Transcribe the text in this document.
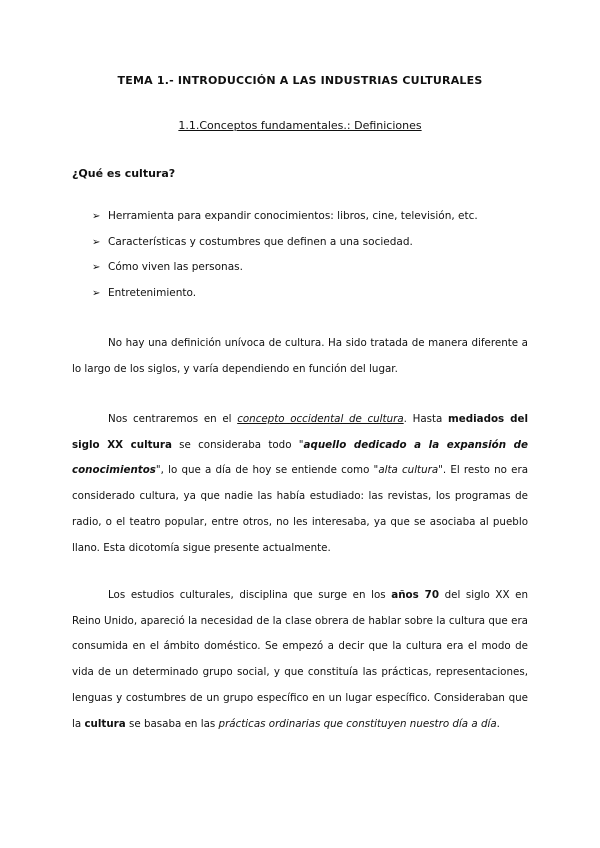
TEMA 1.- INTRODUCCIÓN A LAS INDUSTRIAS CULTURALES
1.1.Conceptos fundamentales.: Definiciones
¿Qué es cultura?
➢ Herramienta para expandir conocimientos: libros, cine, televisión, etc.
➢ Características y costumbres que definen a una sociedad.
➢ Cómo viven las personas.
➢ Entretenimiento.

No hay una definición unívoca de cultura. Ha sido tratada de manera diferente a lo largo de los siglos, y varía dependiendo en función del lugar.

Nos centraremos en el concepto occidental de cultura. Hasta mediados del siglo XX cultura se consideraba todo "aquello dedicado a la expansión de conocimientos", lo que a día de hoy se entiende como "alta cultura". El resto no era considerado cultura, ya que nadie las había estudiado: las revistas, los programas de radio, o el teatro popular, entre otros, no les interesaba, ya que se asociaba al pueblo llano. Esta dicotomía sigue presente actualmente.

Los estudios culturales, disciplina que surge en los años 70 del siglo XX en Reino Unido, apareció la necesidad de la clase obrera de hablar sobre la cultura que era consumida en el ámbito doméstico. Se empezó a decir que la cultura era el modo de vida de un determinado grupo social, y que constituía las prácticas, representaciones, lenguas y costumbres de un grupo específico en un lugar específico. Consideraban que la cultura se basaba en las prácticas ordinarias que constituyen nuestro día a día.
